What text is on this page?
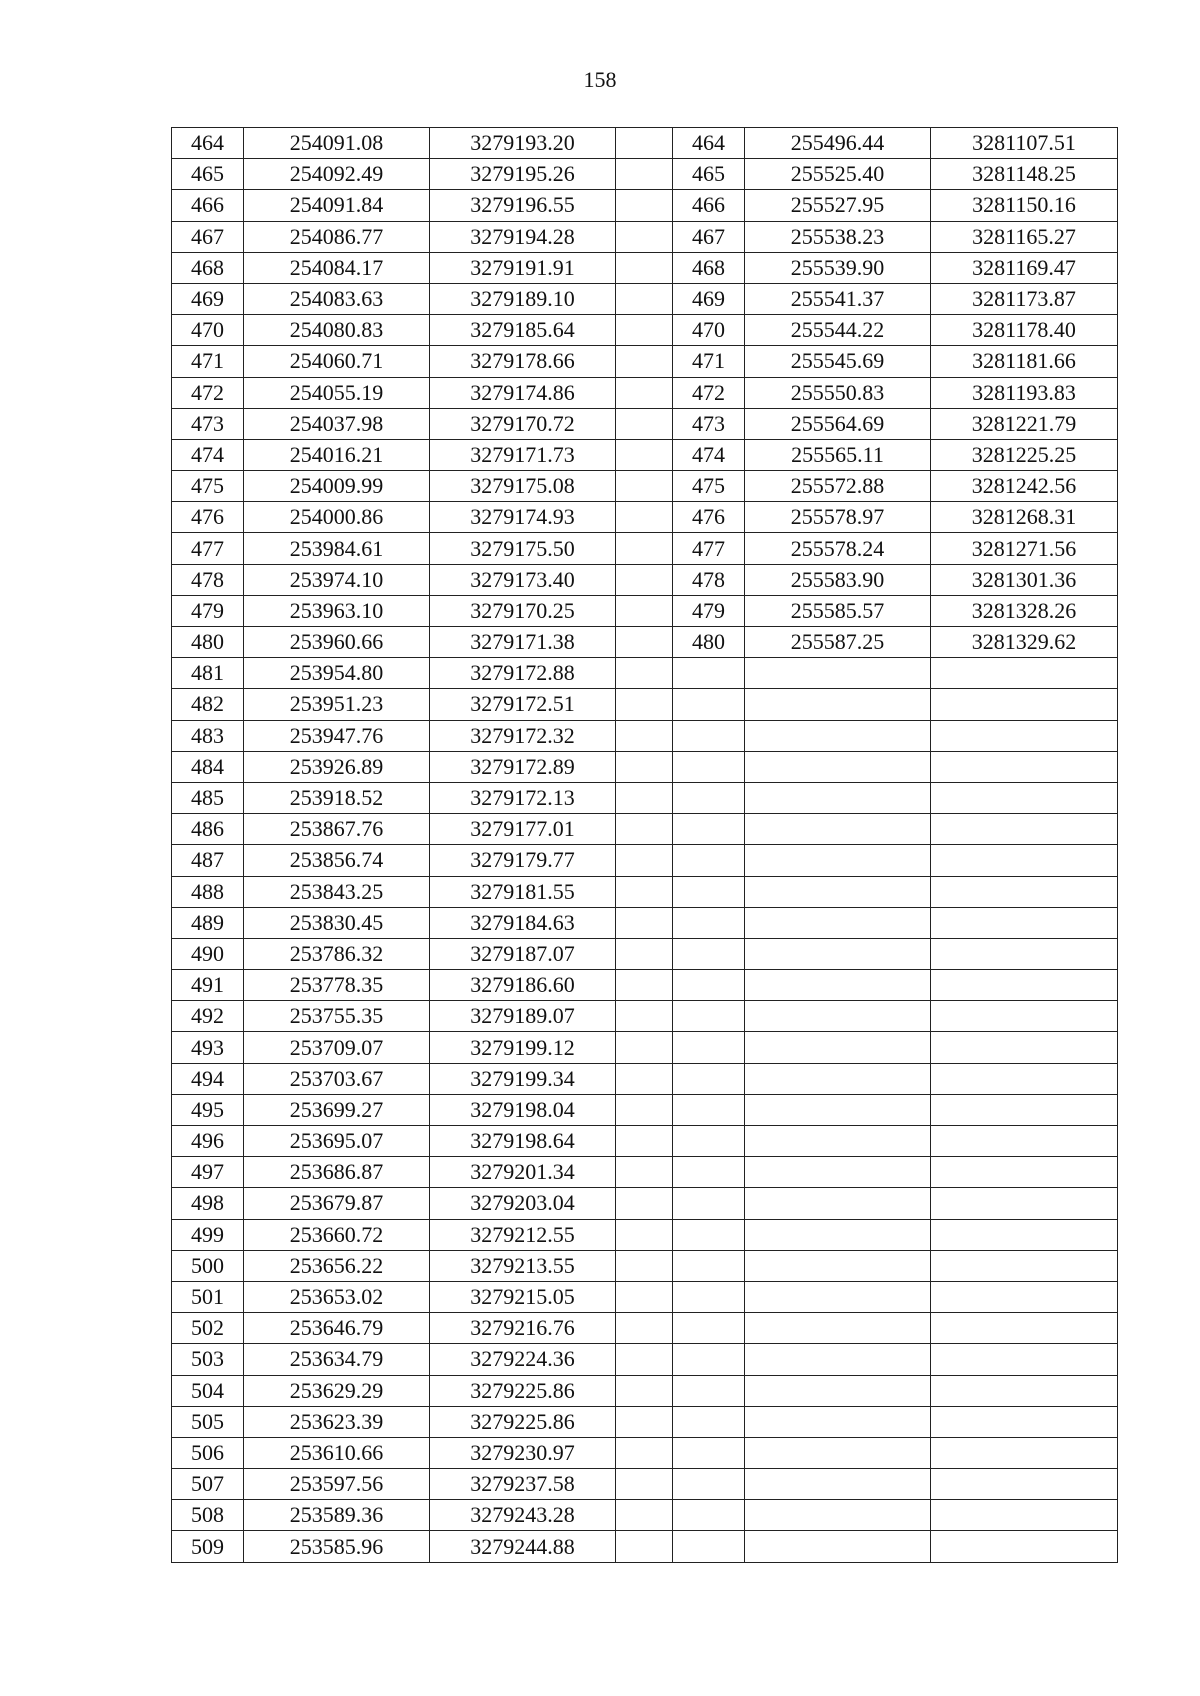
158
464	254091.08	3279193.20		464	255496.44	3281107.51
465	254092.49	3279195.26		465	255525.40	3281148.25
466	254091.84	3279196.55		466	255527.95	3281150.16
467	254086.77	3279194.28		467	255538.23	3281165.27
468	254084.17	3279191.91		468	255539.90	3281169.47
469	254083.63	3279189.10		469	255541.37	3281173.87
470	254080.83	3279185.64		470	255544.22	3281178.40
471	254060.71	3279178.66		471	255545.69	3281181.66
472	254055.19	3279174.86		472	255550.83	3281193.83
473	254037.98	3279170.72		473	255564.69	3281221.79
474	254016.21	3279171.73		474	255565.11	3281225.25
475	254009.99	3279175.08		475	255572.88	3281242.56
476	254000.86	3279174.93		476	255578.97	3281268.31
477	253984.61	3279175.50		477	255578.24	3281271.56
478	253974.10	3279173.40		478	255583.90	3281301.36
479	253963.10	3279170.25		479	255585.57	3281328.26
480	253960.66	3279171.38		480	255587.25	3281329.62
481	253954.80	3279172.88				
482	253951.23	3279172.51				
483	253947.76	3279172.32				
484	253926.89	3279172.89				
485	253918.52	3279172.13				
486	253867.76	3279177.01				
487	253856.74	3279179.77				
488	253843.25	3279181.55				
489	253830.45	3279184.63				
490	253786.32	3279187.07				
491	253778.35	3279186.60				
492	253755.35	3279189.07				
493	253709.07	3279199.12				
494	253703.67	3279199.34				
495	253699.27	3279198.04				
496	253695.07	3279198.64				
497	253686.87	3279201.34				
498	253679.87	3279203.04				
499	253660.72	3279212.55				
500	253656.22	3279213.55				
501	253653.02	3279215.05				
502	253646.79	3279216.76				
503	253634.79	3279224.36				
504	253629.29	3279225.86				
505	253623.39	3279225.86				
506	253610.66	3279230.97				
507	253597.56	3279237.58				
508	253589.36	3279243.28				
509	253585.96	3279244.88				
